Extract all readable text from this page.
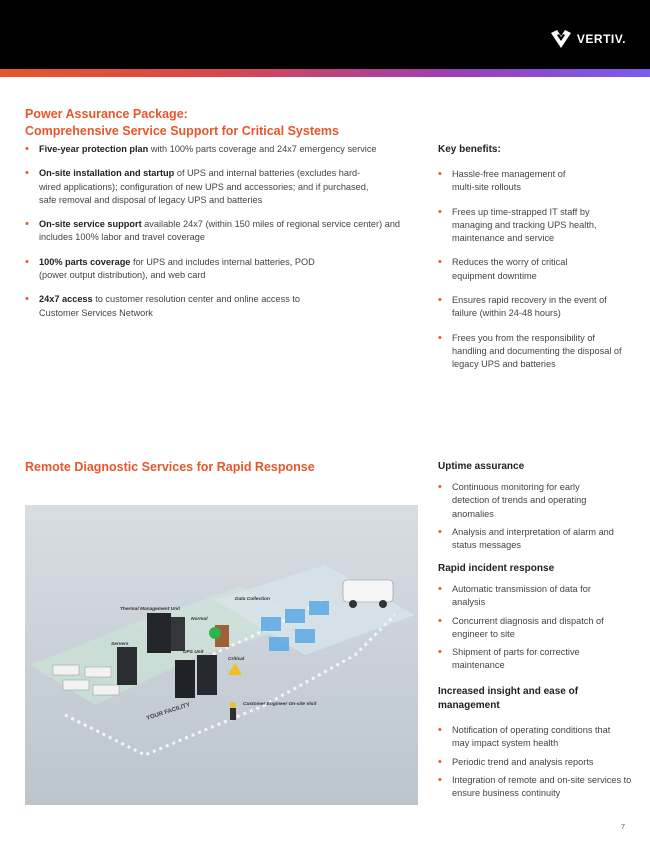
VERTIV.
Power Assurance Package:
Comprehensive Service Support for Critical Systems
• Five-year protection plan with 100% parts coverage and 24x7 emergency service
• On-site installation and startup of UPS and internal batteries (excludes hard-wired applications); configuration of new UPS and accessories; and if purchased, safe removal and disposal of legacy UPS and batteries
• On-site service support available 24x7 (within 150 miles of regional service center) and includes 100% labor and travel coverage
• 100% parts coverage for UPS and includes internal batteries, POD (power output distribution), and web card
• 24x7 access to customer resolution center and online access to Customer Services Network
Key benefits:
• Hassle-free management of multi-site rollouts
• Frees up time-strapped IT staff by managing and tracking UPS health, maintenance and service
• Reduces the worry of critical equipment downtime
• Ensures rapid recovery in the event of failure (within 24-48 hours)
• Frees you from the responsibility of handling and documenting the disposal of legacy UPS and batteries
Remote Diagnostic Services for Rapid Response
Thermal Management Unit
Servers
UPS Unit
Normal
Critical
Data Collection
Customer Engineer On-site Visit
YOUR FACILITY
Uptime assurance
• Continuous monitoring for early detection of trends and operating anomalies
• Analysis and interpretation of alarm and status messages
Rapid incident response
• Automatic transmission of data for analysis
• Concurrent diagnosis and dispatch of engineer to site
• Shipment of parts for corrective maintenance
Increased insight and ease of management
• Notification of operating conditions that may impact system health
• Periodic trend and analysis reports
• Integration of remote and on-site services to ensure business continuity
7
